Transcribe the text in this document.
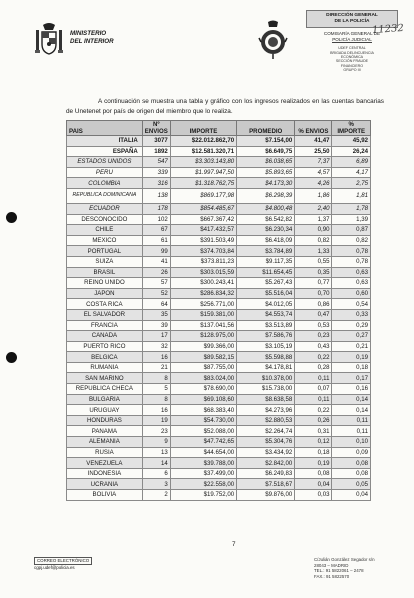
MINISTERIO
DEL INTERIOR
DIRECCIÓN GENERAL
DE LA POLICÍA
COMISARÍA GENERAL DE
POLICÍA JUDICIAL
UDEF CENTRAL
BRIGADA DELINCUENCIA
ECONÓMICA
SECCIÓN FRAUDE
FINANCIERO
GRUPO III
11232

A continuación se muestra una tabla y gráfico con los ingresos realizados en las cuentas bancarias de Unetenet por país de origen del miembro que lo realiza.

PAIS	Nº
ENVIOS	IMPORTE	PROMEDIO	% ENVIOS	% IMPORTE
ITALIA	3077	$22.012.862,70	$7.154,00	41,47	45,92
ESPAÑA	1892	$12.581.320,71	$6.649,75	25,50	26,24
ESTADOS UNIDOS	547	$3.303.143,80	$6.038,65	7,37	6,89
PERU	339	$1.997.947,50	$5.893,65	4,57	4,17
COLOMBIA	316	$1.318.762,75	$4.173,30	4,26	2,75
REPUBLICA DOMINICANA	138	$869.177,98	$6.298,39	1,86	1,81
ECUADOR	178	$854.485,67	$4.800,48	2,40	1,78
DESCONOCIDO	102	$667.367,42	$6.542,82	1,37	1,39
CHILE	67	$417.432,57	$6.230,34	0,90	0,87
MEXICO	61	$391.503,49	$6.418,09	0,82	0,82
PORTUGAL	99	$374.703,84	$3.784,89	1,33	0,78
SUIZA	41	$373.811,23	$9.117,35	0,55	0,78
BRASIL	26	$303.015,59	$11.654,45	0,35	0,63
REINO UNIDO	57	$300.243,41	$5.267,43	0,77	0,63
JAPON	52	$286.834,32	$5.516,04	0,70	0,60
COSTA RICA	64	$256.771,00	$4.012,05	0,86	0,54
EL SALVADOR	35	$159.381,00	$4.553,74	0,47	0,33
FRANCIA	39	$137.041,56	$3.513,89	0,53	0,29
CANADA	17	$128.975,00	$7.586,76	0,23	0,27
PUERTO RICO	32	$99.366,00	$3.105,19	0,43	0,21
BELGICA	16	$89.582,15	$5.598,88	0,22	0,19
RUMANIA	21	$87.755,00	$4.178,81	0,28	0,18
SAN MARINO	8	$83.024,00	$10.378,00	0,11	0,17
REPUBLICA CHECA	5	$78.690,00	$15.738,00	0,07	0,16
BULGARIA	8	$69.108,60	$8.638,58	0,11	0,14
URUGUAY	16	$68.383,40	$4.273,96	0,22	0,14
HONDURAS	19	$54.730,00	$2.880,53	0,26	0,11
PANAMA	23	$52.088,00	$2.264,74	0,31	0,11
ALEMANIA	9	$47.742,65	$5.304,76	0,12	0,10
RUSIA	13	$44.654,00	$3.434,92	0,18	0,09
VENEZUELA	14	$39.788,00	$2.842,00	0,19	0,08
INDONESIA	6	$37.499,00	$6.249,83	0,08	0,08
UCRANIA	3	$22.558,00	$7.518,67	0,04	0,05
BOLIVIA	2	$19.752,00	$9.876,00	0,03	0,04
7
CORREO ELECTRÓNICO
cgpj.udef@policia.es
C/Julián González Segador s/n
28043 – MADRID
TEL.: 91 5822061 – 2478
FAX.: 91 5822570
